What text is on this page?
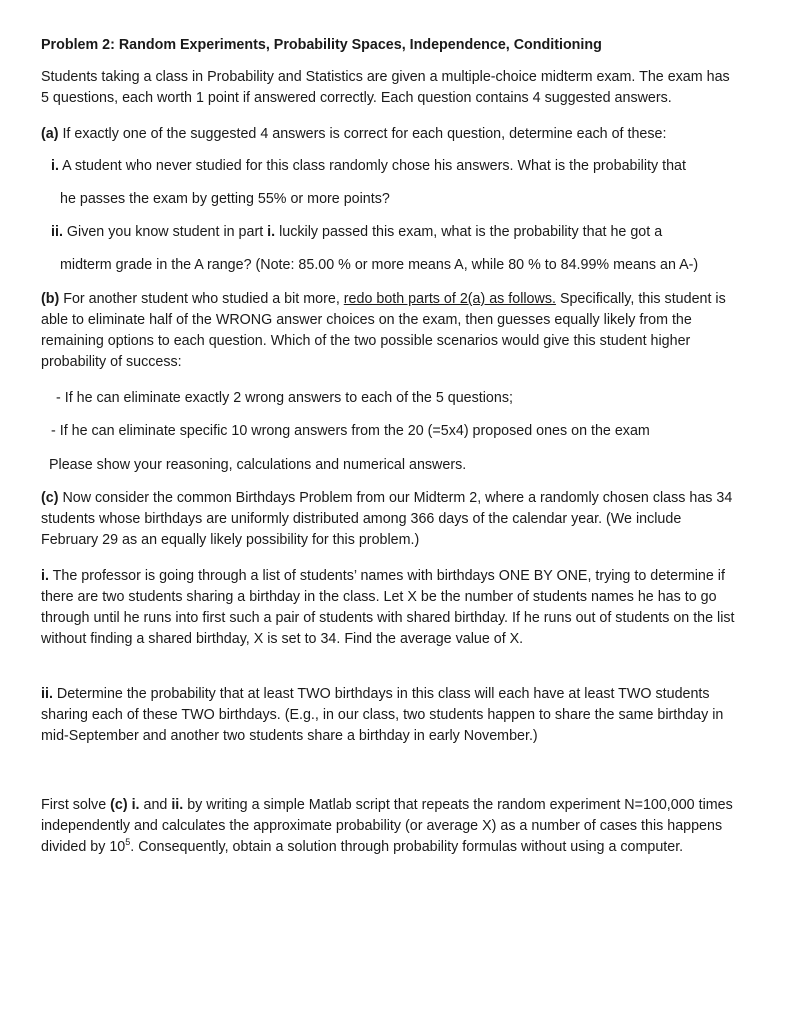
Problem 2: Random Experiments, Probability Spaces, Independence, Conditioning

Students taking a class in Probability and Statistics are given a multiple-choice midterm exam. The exam has 5 questions, each worth 1 point if answered correctly. Each question contains 4 suggested answers.

(a) If exactly one of the suggested 4 answers is correct for each question, determine each of these:

i. A student who never studied for this class randomly chose his answers. What is the probability that

he passes the exam by getting 55% or more points?

ii. Given you know student in part i. luckily passed this exam, what is the probability that he got a

midterm grade in the A range? (Note: 85.00 % or more means A, while 80 % to 84.99% means an A-)

(b) For another student who studied a bit more, redo both parts of 2(a) as follows. Specifically, this student is able to eliminate half of the WRONG answer choices on the exam, then guesses equally likely from the remaining options to each question. Which of the two possible scenarios would give this student higher probability of success:

- If he can eliminate exactly 2 wrong answers to each of the 5 questions;

- If he can eliminate specific 10 wrong answers from the 20 (=5x4) proposed ones on the exam

Please show your reasoning, calculations and numerical answers.

(c) Now consider the common Birthdays Problem from our Midterm 2, where a randomly chosen class has 34 students whose birthdays are uniformly distributed among 366 days of the calendar year. (We include February 29 as an equally likely possibility for this problem.)

i. The professor is going through a list of students’ names with birthdays ONE BY ONE, trying to determine if there are two students sharing a birthday in the class. Let X be the number of students names he has to go through until he runs into first such a pair of students with shared birthday. If he runs out of students on the list without finding a shared birthday, X is set to 34. Find the average value of X.

ii. Determine the probability that at least TWO birthdays in this class will each have at least TWO students sharing each of these TWO birthdays. (E.g., in our class, two students happen to share the same birthday in mid-September and another two students share a birthday in early November.)

First solve (c) i. and ii. by writing a simple Matlab script that repeats the random experiment N=100,000 times independently and calculates the approximate probability (or average X) as a number of cases this happens divided by $10^5$. Consequently, obtain a solution through probability formulas without using a computer.
